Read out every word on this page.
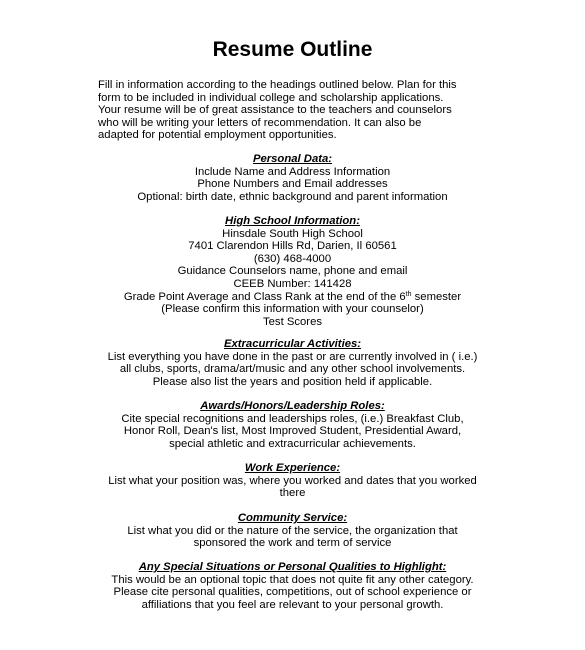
Resume Outline
Fill in information according to the headings outlined below. Plan for this
form to be included in individual college and scholarship applications.
Your resume will be of great assistance to the teachers and counselors
who will be writing your letters of recommendation. It can also be
adapted for potential employment opportunities.
Personal Data:
Include Name and Address Information
Phone Numbers and Email addresses
Optional: birth date, ethnic background and parent information
High School Information:
Hinsdale South High School
7401 Clarendon Hills Rd, Darien, Il 60561
(630) 468-4000
Guidance Counselors name, phone and email
CEEB Number: 141428
Grade Point Average and Class Rank at the end of the 6th semester
(Please confirm this information with your counselor)
Test Scores
Extracurricular Activities:
List everything you have done in the past or are currently involved in ( i.e.)
all clubs, sports, drama/art/music and any other school involvements.
Please also list the years and position held if applicable.
Awards/Honors/Leadership Roles:
Cite special recognitions and leaderships roles, (i.e.) Breakfast Club,
Honor Roll, Dean's list, Most Improved Student, Presidential Award,
special athletic and extracurricular achievements.
Work Experience:
List what your position was, where you worked and dates that you worked
there
Community Service:
List what you did or the nature of the service, the organization that
sponsored the work and term of service
Any Special Situations or Personal Qualities to Highlight:
This would be an optional topic that does not quite fit any other category.
Please cite personal qualities, competitions, out of school experience or
affiliations that you feel are relevant to your personal growth.
